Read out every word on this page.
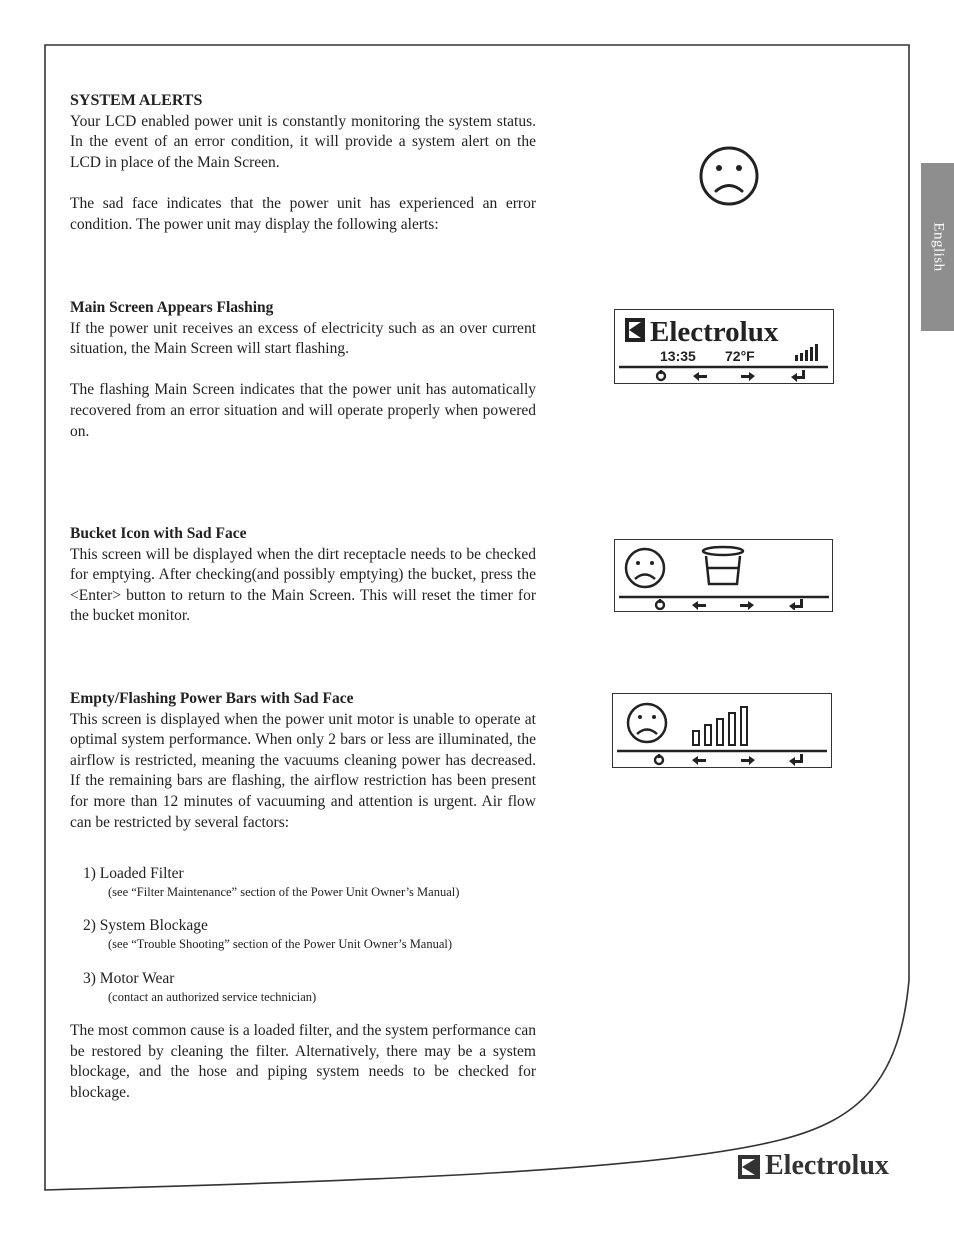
English

SYSTEM ALERTS

Your LCD enabled power unit is constantly monitoring the system status. In the event of an error condition, it will provide a system alert on the LCD in place of the Main Screen.

The sad face indicates that the power unit has experienced an error condition. The power unit may display the following alerts:

Main Screen Appears Flashing

If the power unit receives an excess of electricity such as an over current situation, the Main Screen will start flashing.

The flashing Main Screen indicates that the power unit has automatically recovered from an error situation and will operate properly when powered on.

Electrolux
13:35 72°F

Bucket Icon with Sad Face

This screen will be displayed when the dirt receptacle needs to be checked for emptying. After checking(and possibly emptying) the bucket, press the <Enter> button to return to the Main Screen. This will reset the timer for the bucket monitor.

Empty/Flashing Power Bars with Sad Face

This screen is displayed when the power unit motor is unable to operate at optimal system performance. When only 2 bars or less are illuminated, the airflow is restricted, meaning the vacuums cleaning power has decreased. If the remaining bars are flashing, the airflow restriction has been present for more than 12 minutes of vacuuming and attention is urgent. Air flow can be restricted by several factors:

1) Loaded Filter

(see “Filter Maintenance” section of the Power Unit Owner’s Manual)

2) System Blockage

(see “Trouble Shooting” section of the Power Unit Owner’s Manual)

3) Motor Wear

(contact an authorized service technician)

The most common cause is a loaded filter, and the system performance can be restored by cleaning the filter. Alternatively, there may be a system blockage, and the hose and piping system needs to be checked for blockage.

Electrolux
